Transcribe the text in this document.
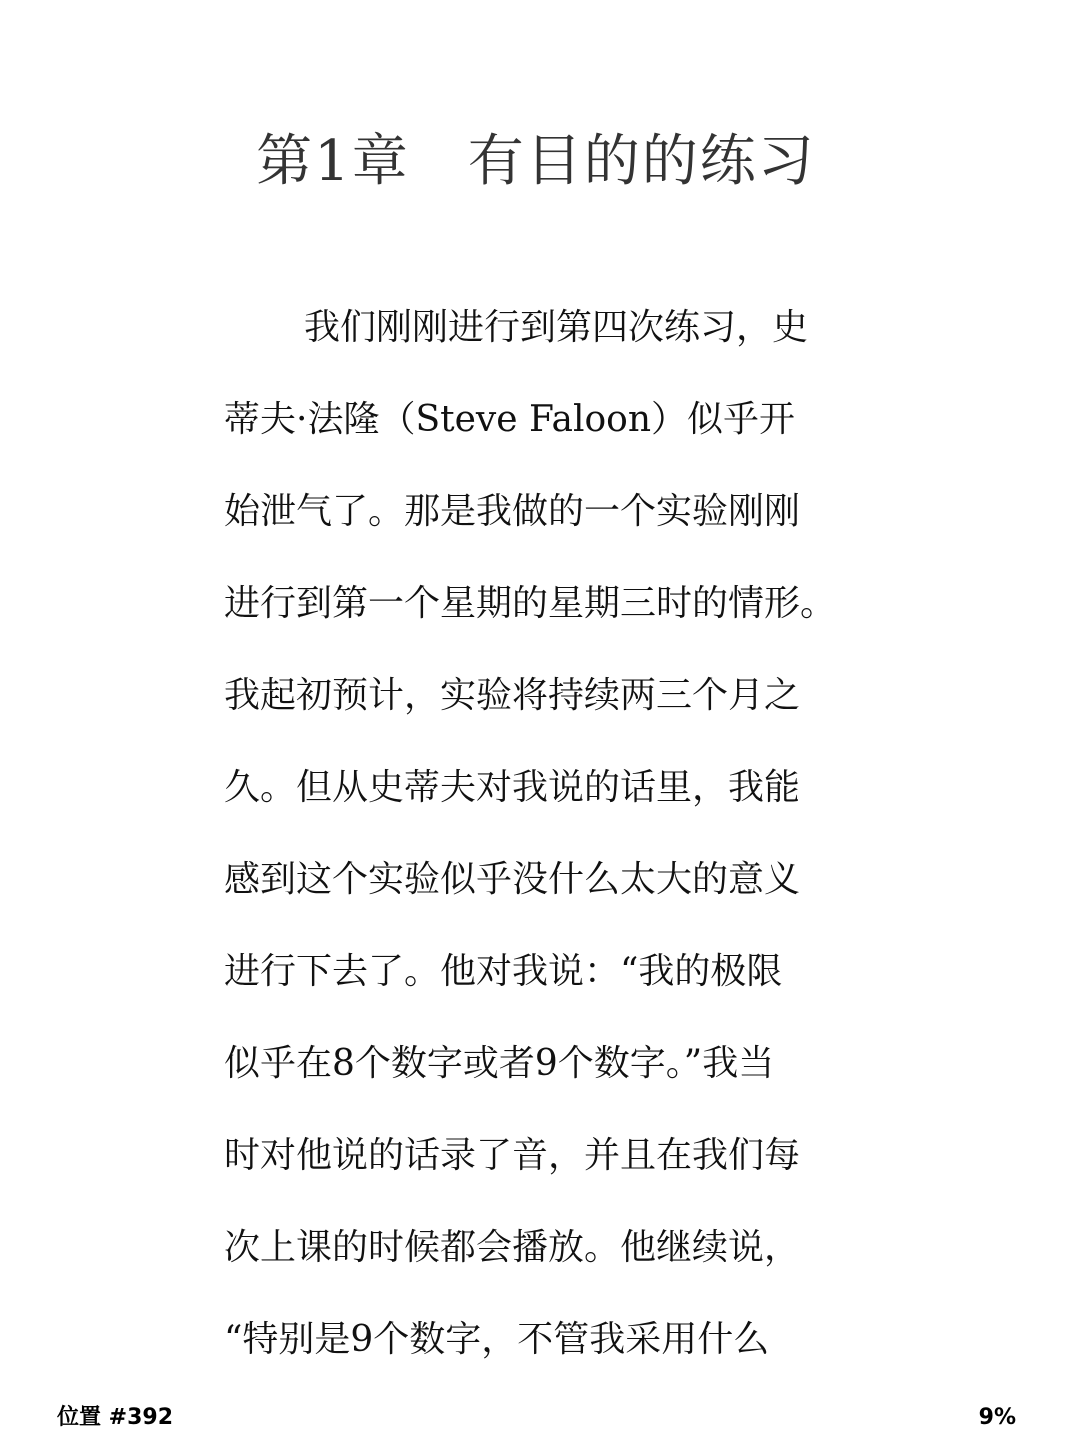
第1章　有目的的练习
我们刚刚进行到第四次练习，史
蒂夫·法隆（Steve Faloon）似乎开
始泄气了。那是我做的一个实验刚刚
进行到第一个星期的星期三时的情形。
我起初预计，实验将持续两三个月之
久。但从史蒂夫对我说的话里，我能
感到这个实验似乎没什么太大的意义
进行下去了。他对我说：“我的极限
似乎在8个数字或者9个数字。”我当
时对他说的话录了音，并且在我们每
次上课的时候都会播放。他继续说，
“特别是9个数字，不管我采用什么
位置 #392	9%
